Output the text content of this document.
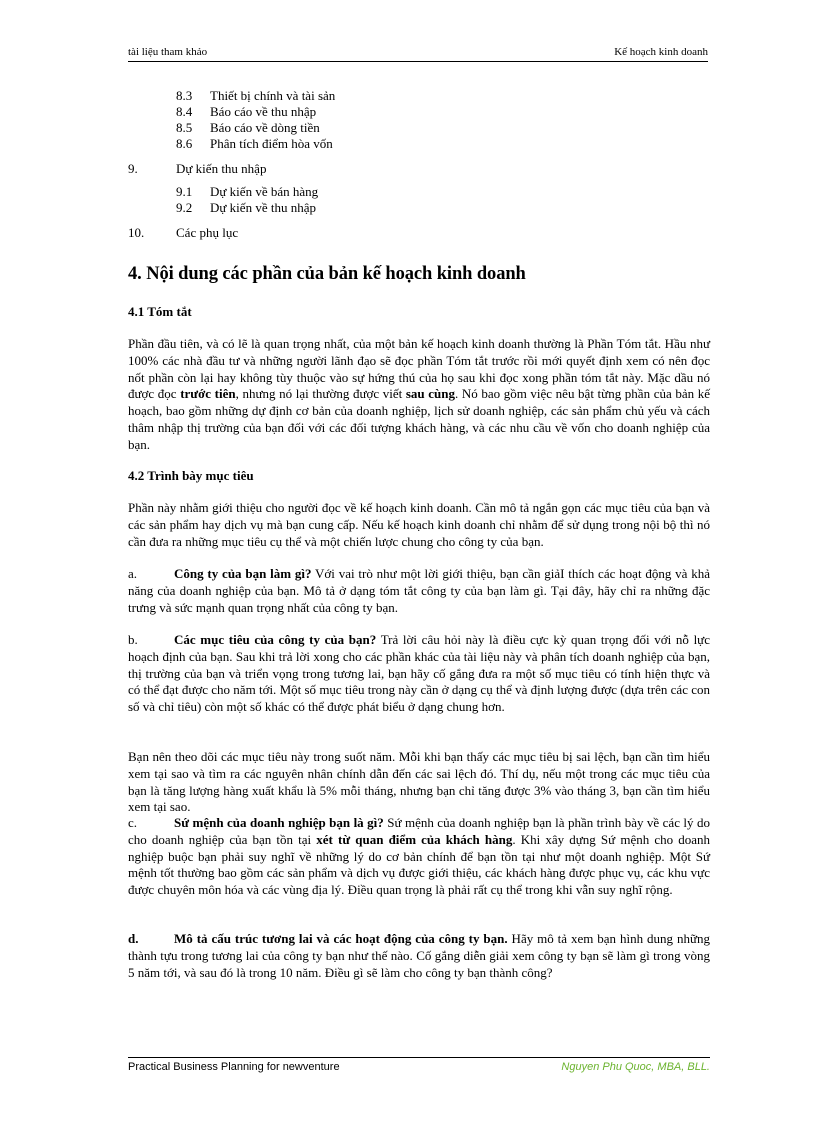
tài liệu tham khảo	Kế hoạch kinh doanh
8.3	Thiết bị chính và tài sản
8.4	Báo cáo về thu nhập
8.5	Báo cáo về dòng tiền
8.6	Phân tích điểm hòa vốn
9.	Dự kiến thu nhập
9.1	Dự kiến về bán hàng
9.2	Dự kiến về thu nhập
10.	Các phụ lục
4. Nội dung các phần của bản kế hoạch kinh doanh
4.1 Tóm tắt

Phần đầu tiên, và có lẽ là quan trọng nhất, của một bản kế hoạch kinh doanh thường là Phần Tóm tắt. Hầu như 100% các nhà đầu tư và những người lãnh đạo sẽ đọc phần Tóm tắt trước rồi mới quyết định xem có nên đọc nốt phần còn lại hay không tùy thuộc vào sự hứng thú của họ sau khi đọc xong phần tóm tắt này. Mặc dầu nó được đọc trước tiên, nhưng nó lại thường được viết sau cùng. Nó bao gồm việc nêu bật từng phần của bản kế hoạch, bao gồm những dự định cơ bản của doanh nghiệp, lịch sử doanh nghiệp, các sản phẩm chủ yếu và cách thâm nhập thị trường của bạn đối với các đối tượng khách hàng, và các nhu cầu về vốn cho doanh nghiệp của bạn.

4.2 Trình bày mục tiêu

Phần này nhằm giới thiệu cho người đọc về kế hoạch kinh doanh. Cần mô tả ngắn gọn các mục tiêu của bạn và các sản phẩm hay dịch vụ mà bạn cung cấp. Nếu kế hoạch kinh doanh chỉ nhằm để sử dụng trong nội bộ thì nó cần đưa ra những mục tiêu cụ thể và một chiến lược chung cho công ty của bạn.

a.	Công ty của bạn làm gì? Với vai trò như một lời giới thiệu, bạn cần giảI thích các hoạt động và khả năng của doanh nghiệp của bạn. Mô tả ở dạng tóm tắt công ty của bạn làm gì. Tại đây, hãy chỉ ra những đặc trưng và sức mạnh quan trọng nhất của công ty bạn.

b.	Các mục tiêu của công ty của bạn? Trả lời câu hỏi này là điều cực kỳ quan trọng đối với nỗ lực hoạch định của bạn. Sau khi trả lời xong cho các phần khác của tài liệu này và phân tích doanh nghiệp của bạn, thị trường của bạn và triển vọng trong tương lai, bạn hãy cố gắng đưa ra một số mục tiêu có tính hiện thực và có thể đạt được cho năm tới. Một số mục tiêu trong này cần ở dạng cụ thể và định lượng được (dựa trên các con số và chỉ tiêu) còn một số khác có thể được phát biểu ở dạng chung hơn.

Bạn nên theo dõi các mục tiêu này trong suốt năm. Mỗi khi bạn thấy các mục tiêu bị sai lệch, bạn cần tìm hiểu xem tại sao và tìm ra các nguyên nhân chính dẫn đến các sai lệch đó. Thí dụ, nếu một trong các mục tiêu của bạn là tăng lượng hàng xuất khẩu là 5% mỗi tháng, nhưng bạn chỉ tăng được 3% vào tháng 3, bạn cần tìm hiểu xem tại sao.

c.	Sứ mệnh của doanh nghiệp bạn là gì? Sứ mệnh của doanh nghiệp bạn là phần trình bày về các lý do cho doanh nghiệp của bạn tồn tại xét từ quan điểm của khách hàng. Khi xây dựng Sứ mệnh cho doanh nghiệp buộc bạn phải suy nghĩ về những lý do cơ bản chính để bạn tồn tại như một doanh nghiệp. Một Sứ mệnh tốt thường bao gồm các sản phẩm và dịch vụ được giới thiệu, các khách hàng được phục vụ, các khu vực được chuyên môn hóa và các vùng địa lý. Điều quan trọng là phải rất cụ thể trong khi vẫn suy nghĩ rộng.

d.	Mô tả cấu trúc tương lai và các hoạt động của công ty bạn. Hãy mô tả xem bạn hình dung những thành tựu trong tương lai của công ty bạn như thế nào. Cố gắng diễn giải xem công ty bạn sẽ làm gì trong vòng 5 năm tới, và sau đó là trong 10 năm. Điều gì sẽ làm cho công ty bạn thành công?

Practical Business Planning for newventure	Nguyen Phu Quoc, MBA, BLL.
